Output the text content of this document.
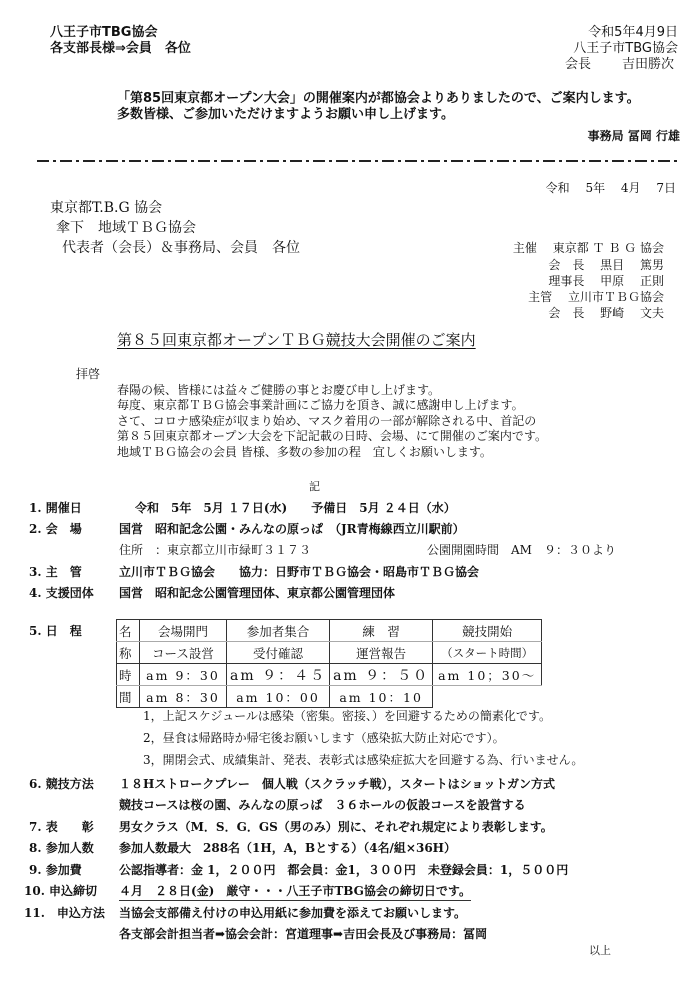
八王子市TBG協会
各支部長様⇒会員　各位
令和5年4月9日
八王子市TBG協会
会長 吉田勝次
「第85回東京都オープン大会」の開催案内が都協会よりありましたので、ご案内します。
多数皆様、ご参加いただけますようお願い申し上げます。
事務局 冨岡 行雄
令和　 5年　 4月　 7日
東京都T.B.G 協会
傘下　地域ＴＢＧ協会
代表者（会長）＆事務局、会員　各位	主催　 東京都 Ｔ Ｂ Ｇ 協会
会　長　 黒目　 篤男
理事長　 甲原　 正則
主管　 立川市ＴＢＧ協会
会　長　 野崎　 文夫
第８５回東京都オープンＴＢＧ競技大会開催のご案内
拝啓
春陽の候、皆様には益々ご健勝の事とお慶び申し上げます。
毎度、東京都ＴＢＧ協会事業計画にご協力を頂き、誠に感謝申し上げます。
さて、コロナ感染症が収まり始め、マスク着用の一部が解除される中、首記の
第８５回東京都オープン大会を下記記載の日時、会場、にて開催のご案内です。
地域ＴＢＧ協会の会員 皆様、多数の参加の程　宜しくお願いします。
記
1. 開催日	令和　5年　5月 １７日(水)　　予備日　5月 ２４日（水）
2. 会　場	国営　昭和記念公園・みんなの原っぱ　（JR青梅線西立川駅前）
住所　：東京都立川市緑町３１７３	公園開園時間　AM　９：３０より
3. 主　管	立川市ＴＢＧ協会　　協力：日野市ＴＢＧ協会・昭島市ＴＢＧ協会
4. 支援団体 国営　昭和記念公園管理団体、東京都公園管理団体
5. 日　程	名	会場開門	参加者集合	練　習	競技開始
称	コース設営	受付確認	運営報告	（スタート時間）
時	am 9：30	am ９：４５	am ９：５０	am 10；30～
間	am 8：30	am 10：00	am 10：10	
1，上記スケジュールは感染（密集。密接、）を回避するための簡素化です。
2，昼食は帰路時か帰宅後お願いします（感染拡大防止対応です）。
3，開閉会式、成績集計、発表、表彰式は感染症拡大を回避する為、行いません。
6. 競技方法 １８Hストロークプレー　個人戦（スクラッチ戦），スタートはショットガン方式
競技コースは桜の園、みんなの原っぱ　３６ホールの仮設コースを設営する
7. 表　　彰 男女クラス（M．S．G．GS（男のみ）別に、それぞれ規定により表彰します。
8. 参加人数 参加人数最大　288名（1H，A，Bとする）（4名/組×36H）
9. 参加費	公認指導者：金 1，２００円　都会員：金1，３００円　未登録会員：1，５００円
10. 申込締切 ４月　２８日(金)　厳守・・・八王子市TBG協会の締切日です。
11.　申込方法 当協会支部備え付けの申込用紙に参加費を添えてお願いします。
各支部会計担当者➡協会会計：宮道理事➡吉田会長及び事務局：冨岡
以上
